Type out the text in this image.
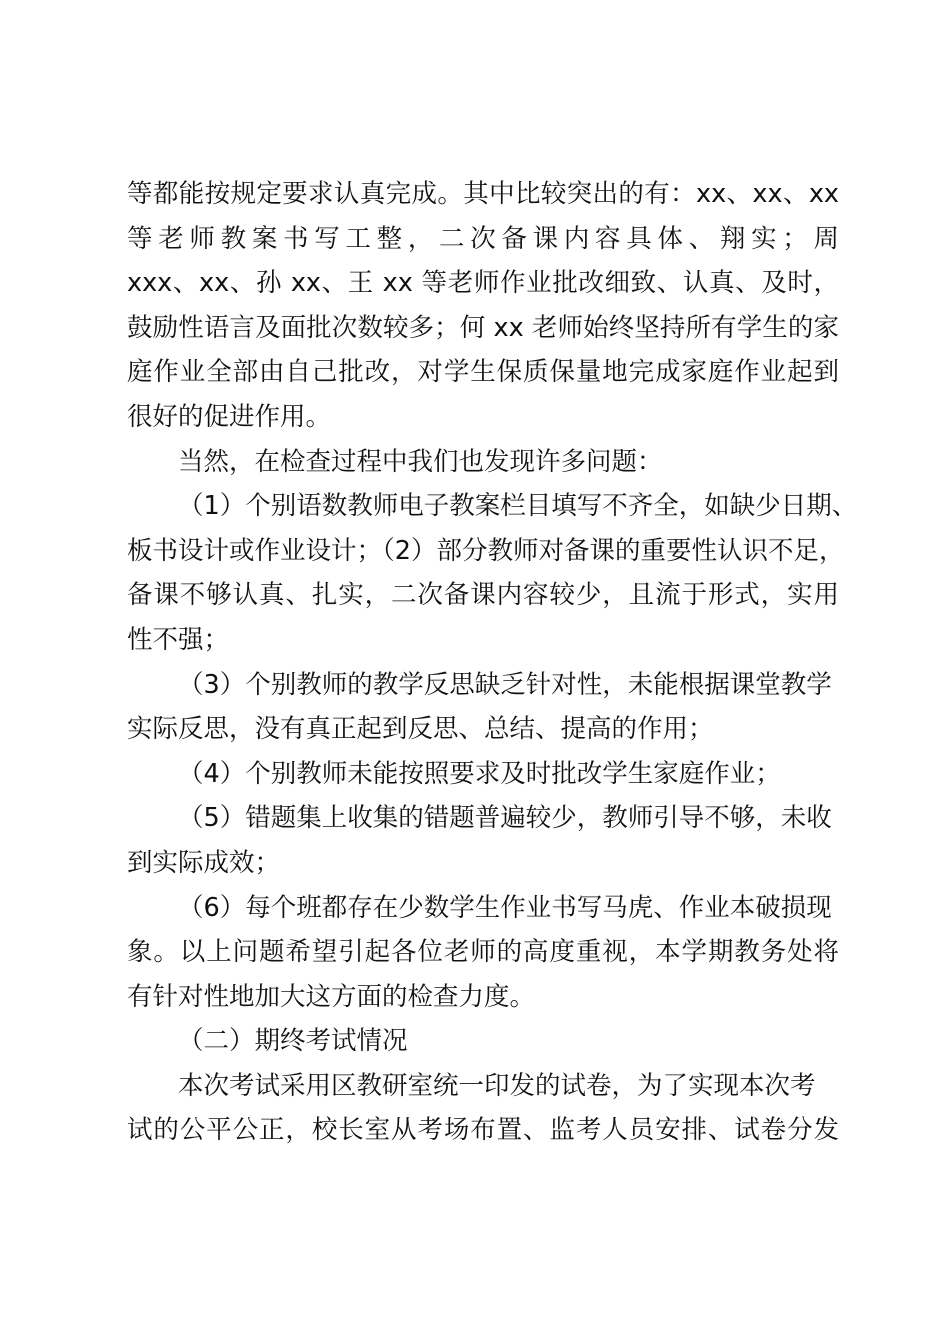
等都能按规定要求认真完成。其中比较突出的有：xx、xx、xx
等老师教案书写工整，二次备课内容具体、翔实；周
xxx、xx、孙 xx、王 xx 等老师作业批改细致、认真、及时，
鼓励性语言及面批次数较多；何 xx 老师始终坚持所有学生的家
庭作业全部由自己批改，对学生保质保量地完成家庭作业起到
很好的促进作用。
当然，在检查过程中我们也发现许多问题：
（1）个别语数教师电子教案栏目填写不齐全，如缺少日期、
板书设计或作业设计；（2）部分教师对备课的重要性认识不足，
备课不够认真、扎实，二次备课内容较少，且流于形式，实用
性不强；
（3）个别教师的教学反思缺乏针对性，未能根据课堂教学
实际反思，没有真正起到反思、总结、提高的作用；
（4）个别教师未能按照要求及时批改学生家庭作业；
（5）错题集上收集的错题普遍较少，教师引导不够，未收
到实际成效；
（6）每个班都存在少数学生作业书写马虎、作业本破损现
象。以上问题希望引起各位老师的高度重视，本学期教务处将
有针对性地加大这方面的检查力度。
（二）期终考试情况
本次考试采用区教研室统一印发的试卷，为了实现本次考
试的公平公正，校长室从考场布置、监考人员安排、试卷分发
